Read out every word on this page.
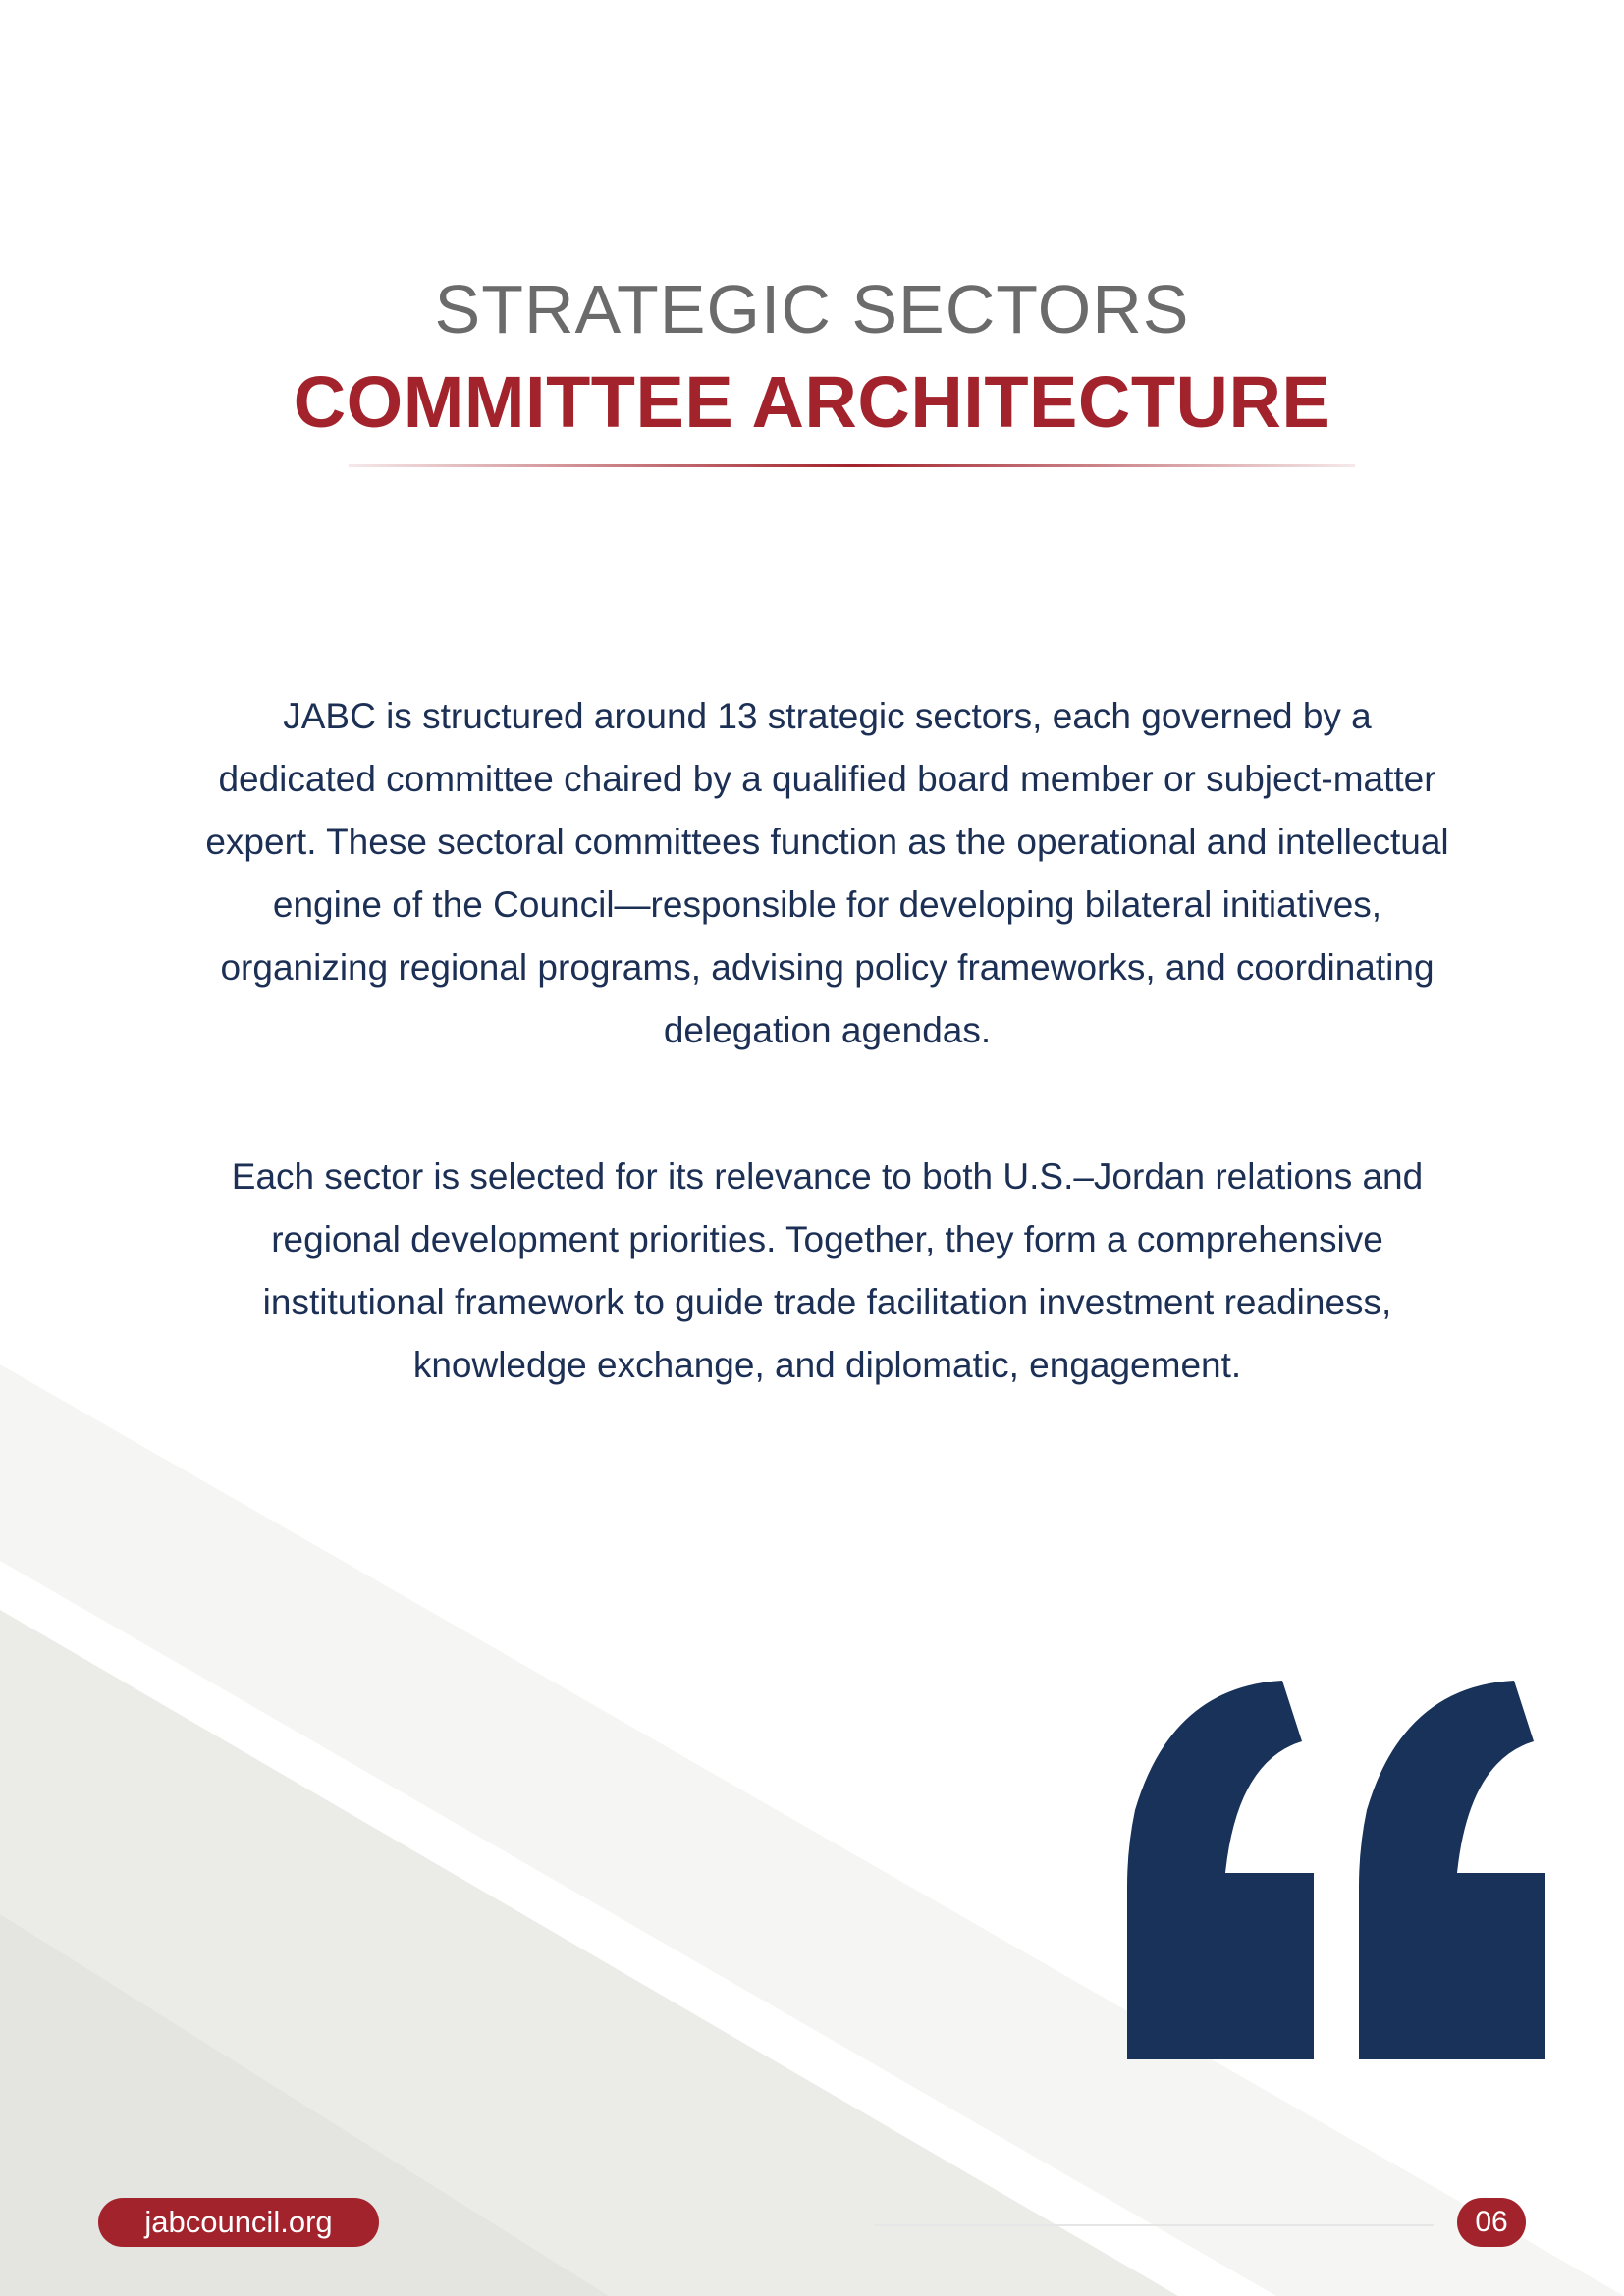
STRATEGIC SECTORS
COMMITTEE ARCHITECTURE

JABC is structured around 13 strategic sectors, each governed by a dedicated committee chaired by a qualified board member or subject-matter expert. These sectoral committees function as the operational and intellectual engine of the Council—responsible for developing bilateral initiatives, organizing regional programs, advising policy frameworks, and coordinating delegation agendas.

Each sector is selected for its relevance to both U.S.–Jordan relations and regional development priorities. Together, they form a comprehensive institutional framework to guide trade facilitation investment readiness, knowledge exchange, and diplomatic, engagement.

jabcouncil.org	06
